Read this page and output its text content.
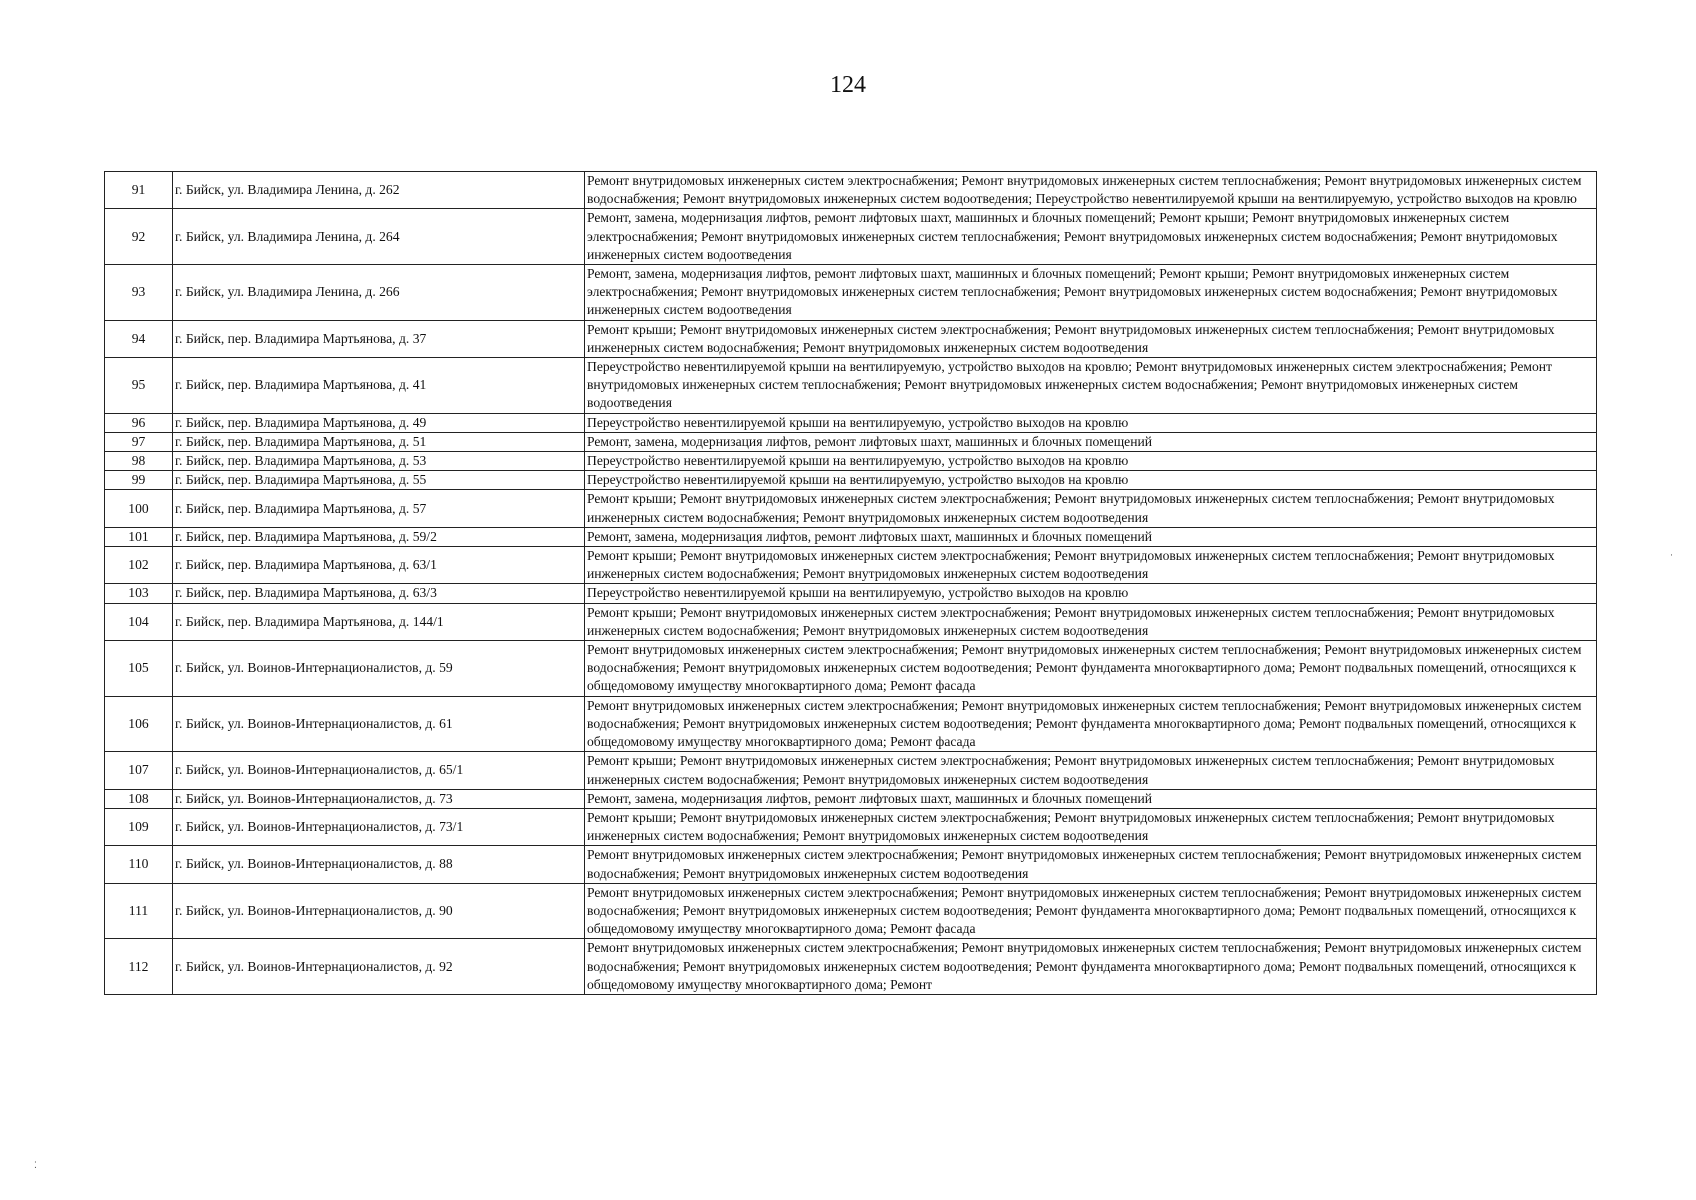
124
91	г. Бийск, ул. Владимира Ленина, д. 262	Ремонт внутридомовых инженерных систем электроснабжения; Ремонт внутридомовых инженерных систем теплоснабжения; Ремонт внутридомовых инженерных систем водоснабжения; Ремонт внутридомовых инженерных систем водоотведения; Переустройство невентилируемой крыши на вентилируемую, устройство выходов на кровлю
92	г. Бийск, ул. Владимира Ленина, д. 264	Ремонт, замена, модернизация лифтов, ремонт лифтовых шахт, машинных и блочных помещений; Ремонт крыши; Ремонт внутридомовых инженерных систем электроснабжения; Ремонт внутридомовых инженерных систем теплоснабжения; Ремонт внутридомовых инженерных систем водоснабжения; Ремонт внутридомовых инженерных систем водоотведения
93	г. Бийск, ул. Владимира Ленина, д. 266	Ремонт, замена, модернизация лифтов, ремонт лифтовых шахт, машинных и блочных помещений; Ремонт крыши; Ремонт внутридомовых инженерных систем электроснабжения; Ремонт внутридомовых инженерных систем теплоснабжения; Ремонт внутридомовых инженерных систем водоснабжения; Ремонт внутридомовых инженерных систем водоотведения
94	г. Бийск, пер. Владимира Мартьянова, д. 37	Ремонт крыши; Ремонт внутридомовых инженерных систем электроснабжения; Ремонт внутридомовых инженерных систем теплоснабжения; Ремонт внутридомовых инженерных систем водоснабжения; Ремонт внутридомовых инженерных систем водоотведения
95	г. Бийск, пер. Владимира Мартьянова, д. 41	Переустройство невентилируемой крыши на вентилируемую, устройство выходов на кровлю; Ремонт внутридомовых инженерных систем электроснабжения; Ремонт внутридомовых инженерных систем теплоснабжения; Ремонт внутридомовых инженерных систем водоснабжения; Ремонт внутридомовых инженерных систем водоотведения
96	г. Бийск, пер. Владимира Мартьянова, д. 49	Переустройство невентилируемой крыши на вентилируемую, устройство выходов на кровлю
97	г. Бийск, пер. Владимира Мартьянова, д. 51	Ремонт, замена, модернизация лифтов, ремонт лифтовых шахт, машинных и блочных помещений
98	г. Бийск, пер. Владимира Мартьянова, д. 53	Переустройство невентилируемой крыши на вентилируемую, устройство выходов на кровлю
99	г. Бийск, пер. Владимира Мартьянова, д. 55	Переустройство невентилируемой крыши на вентилируемую, устройство выходов на кровлю
100	г. Бийск, пер. Владимира Мартьянова, д. 57	Ремонт крыши; Ремонт внутридомовых инженерных систем электроснабжения; Ремонт внутридомовых инженерных систем теплоснабжения; Ремонт внутридомовых инженерных систем водоснабжения; Ремонт внутридомовых инженерных систем водоотведения
101	г. Бийск, пер. Владимира Мартьянова, д. 59/2	Ремонт, замена, модернизация лифтов, ремонт лифтовых шахт, машинных и блочных помещений
102	г. Бийск, пер. Владимира Мартьянова, д. 63/1	Ремонт крыши; Ремонт внутридомовых инженерных систем электроснабжения; Ремонт внутридомовых инженерных систем теплоснабжения; Ремонт внутридомовых инженерных систем водоснабжения; Ремонт внутридомовых инженерных систем водоотведения
103	г. Бийск, пер. Владимира Мартьянова, д. 63/3	Переустройство невентилируемой крыши на вентилируемую, устройство выходов на кровлю
104	г. Бийск, пер. Владимира Мартьянова, д. 144/1	Ремонт крыши; Ремонт внутридомовых инженерных систем электроснабжения; Ремонт внутридомовых инженерных систем теплоснабжения; Ремонт внутридомовых инженерных систем водоснабжения; Ремонт внутридомовых инженерных систем водоотведения
105	г. Бийск, ул. Воинов-Интернационалистов, д. 59	Ремонт внутридомовых инженерных систем электроснабжения; Ремонт внутридомовых инженерных систем теплоснабжения; Ремонт внутридомовых инженерных систем водоснабжения; Ремонт внутридомовых инженерных систем водоотведения; Ремонт фундамента многоквартирного дома; Ремонт подвальных помещений, относящихся к общедомовому имуществу многоквартирного дома; Ремонт фасада
106	г. Бийск, ул. Воинов-Интернационалистов, д. 61	Ремонт внутридомовых инженерных систем электроснабжения; Ремонт внутридомовых инженерных систем теплоснабжения; Ремонт внутридомовых инженерных систем водоснабжения; Ремонт внутридомовых инженерных систем водоотведения; Ремонт фундамента многоквартирного дома; Ремонт подвальных помещений, относящихся к общедомовому имуществу многоквартирного дома; Ремонт фасада
107	г. Бийск, ул. Воинов-Интернационалистов, д. 65/1	Ремонт крыши; Ремонт внутридомовых инженерных систем электроснабжения; Ремонт внутридомовых инженерных систем теплоснабжения; Ремонт внутридомовых инженерных систем водоснабжения; Ремонт внутридомовых инженерных систем водоотведения
108	г. Бийск, ул. Воинов-Интернационалистов, д. 73	Ремонт, замена, модернизация лифтов, ремонт лифтовых шахт, машинных и блочных помещений
109	г. Бийск, ул. Воинов-Интернационалистов, д. 73/1	Ремонт крыши; Ремонт внутридомовых инженерных систем электроснабжения; Ремонт внутридомовых инженерных систем теплоснабжения; Ремонт внутридомовых инженерных систем водоснабжения; Ремонт внутридомовых инженерных систем водоотведения
110	г. Бийск, ул. Воинов-Интернационалистов, д. 88	Ремонт внутридомовых инженерных систем электроснабжения; Ремонт внутридомовых инженерных систем теплоснабжения; Ремонт внутридомовых инженерных систем водоснабжения; Ремонт внутридомовых инженерных систем водоотведения
111	г. Бийск, ул. Воинов-Интернационалистов, д. 90	Ремонт внутридомовых инженерных систем электроснабжения; Ремонт внутридомовых инженерных систем теплоснабжения; Ремонт внутридомовых инженерных систем водоснабжения; Ремонт внутридомовых инженерных систем водоотведения; Ремонт фундамента многоквартирного дома; Ремонт подвальных помещений, относящихся к общедомовому имуществу многоквартирного дома; Ремонт фасада
112	г. Бийск, ул. Воинов-Интернационалистов, д. 92	Ремонт внутридомовых инженерных систем электроснабжения; Ремонт внутридомовых инженерных систем теплоснабжения; Ремонт внутридомовых инженерных систем водоснабжения; Ремонт внутридомовых инженерных систем водоотведения; Ремонт фундамента многоквартирного дома; Ремонт подвальных помещений, относящихся к общедомовому имуществу многоквартирного дома; Ремонт
·
⁚
